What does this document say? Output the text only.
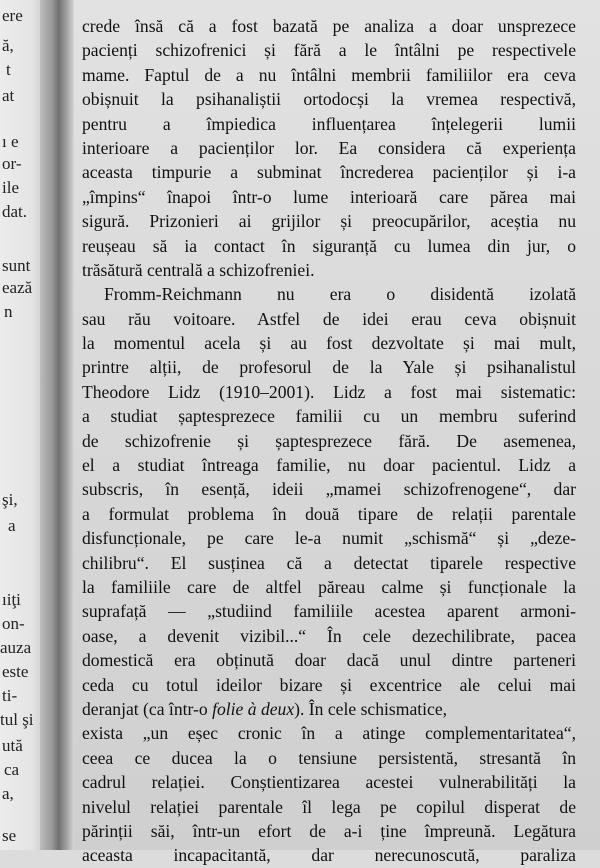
ere
ă,
t
at
ı e
or-
ile
dat.
sunt
ează
n
şi,
a
ıiţi
on-
auza
este
ti-
tul şi
ută
ca
a,
se
crede însă că a fost bazată pe analiza a doar unsprezece
pacienți schizofrenici și fără a le întâlni pe respectivele
mame. Faptul de a nu întâlni membrii familiilor era ceva
obișnuit la psihanaliștii ortodocși la vremea respectivă,
pentru a împiedica influențarea înțelegerii lumii
interioare a pacienților lor. Ea considera că experiența
aceasta timpurie a subminat încrederea pacienților și i-a
„împins“ înapoi într-o lume interioară care părea mai
sigură. Prizonieri ai grijilor și preocupărilor, aceștia nu
reușeau să ia contact în siguranță cu lumea din jur, o
trăsătură centrală a schizofreniei.
Fromm-Reichmann nu era o disidentă izolată
sau rău voitoare. Astfel de idei erau ceva obișnuit
la momentul acela și au fost dezvoltate și mai mult,
printre alții, de profesorul de la Yale și psihanalistul
Theodore Lidz (1910–2001). Lidz a fost mai sistematic:
a studiat șaptesprezece familii cu un membru suferind
de schizofrenie și șaptesprezece fără. De asemenea,
el a studiat întreaga familie, nu doar pacientul. Lidz a
subscris, în esență, ideii „mamei schizofrenogene“, dar
a formulat problema în două tipare de relații parentale
disfuncționale, pe care le-a numit „schismă“ și „deze-
chilibru“. El susținea că a detectat tiparele respective
la familiile care de altfel păreau calme și funcționale la
suprafață — „studiind familiile acestea aparent armoni-
oase, a devenit vizibil...“ În cele dezechilibrate, pacea
domestică era obținută doar dacă unul dintre parteneri
ceda cu totul ideilor bizare și excentrice ale celui mai
deranjat (ca într-o folie à deux). În cele schismatice,
exista „un eșec cronic în a atinge complementaritatea“,
ceea ce ducea la o tensiune persistentă, stresantă în
cadrul relației. Conștientizarea acestei vulnerabilități la
nivelul relației parentale îl lega pe copilul disperat de
părinții săi, într-un efort de a-i ține împreună. Legătura
aceasta incapacitantă, dar nerecunoscută, paraliza
